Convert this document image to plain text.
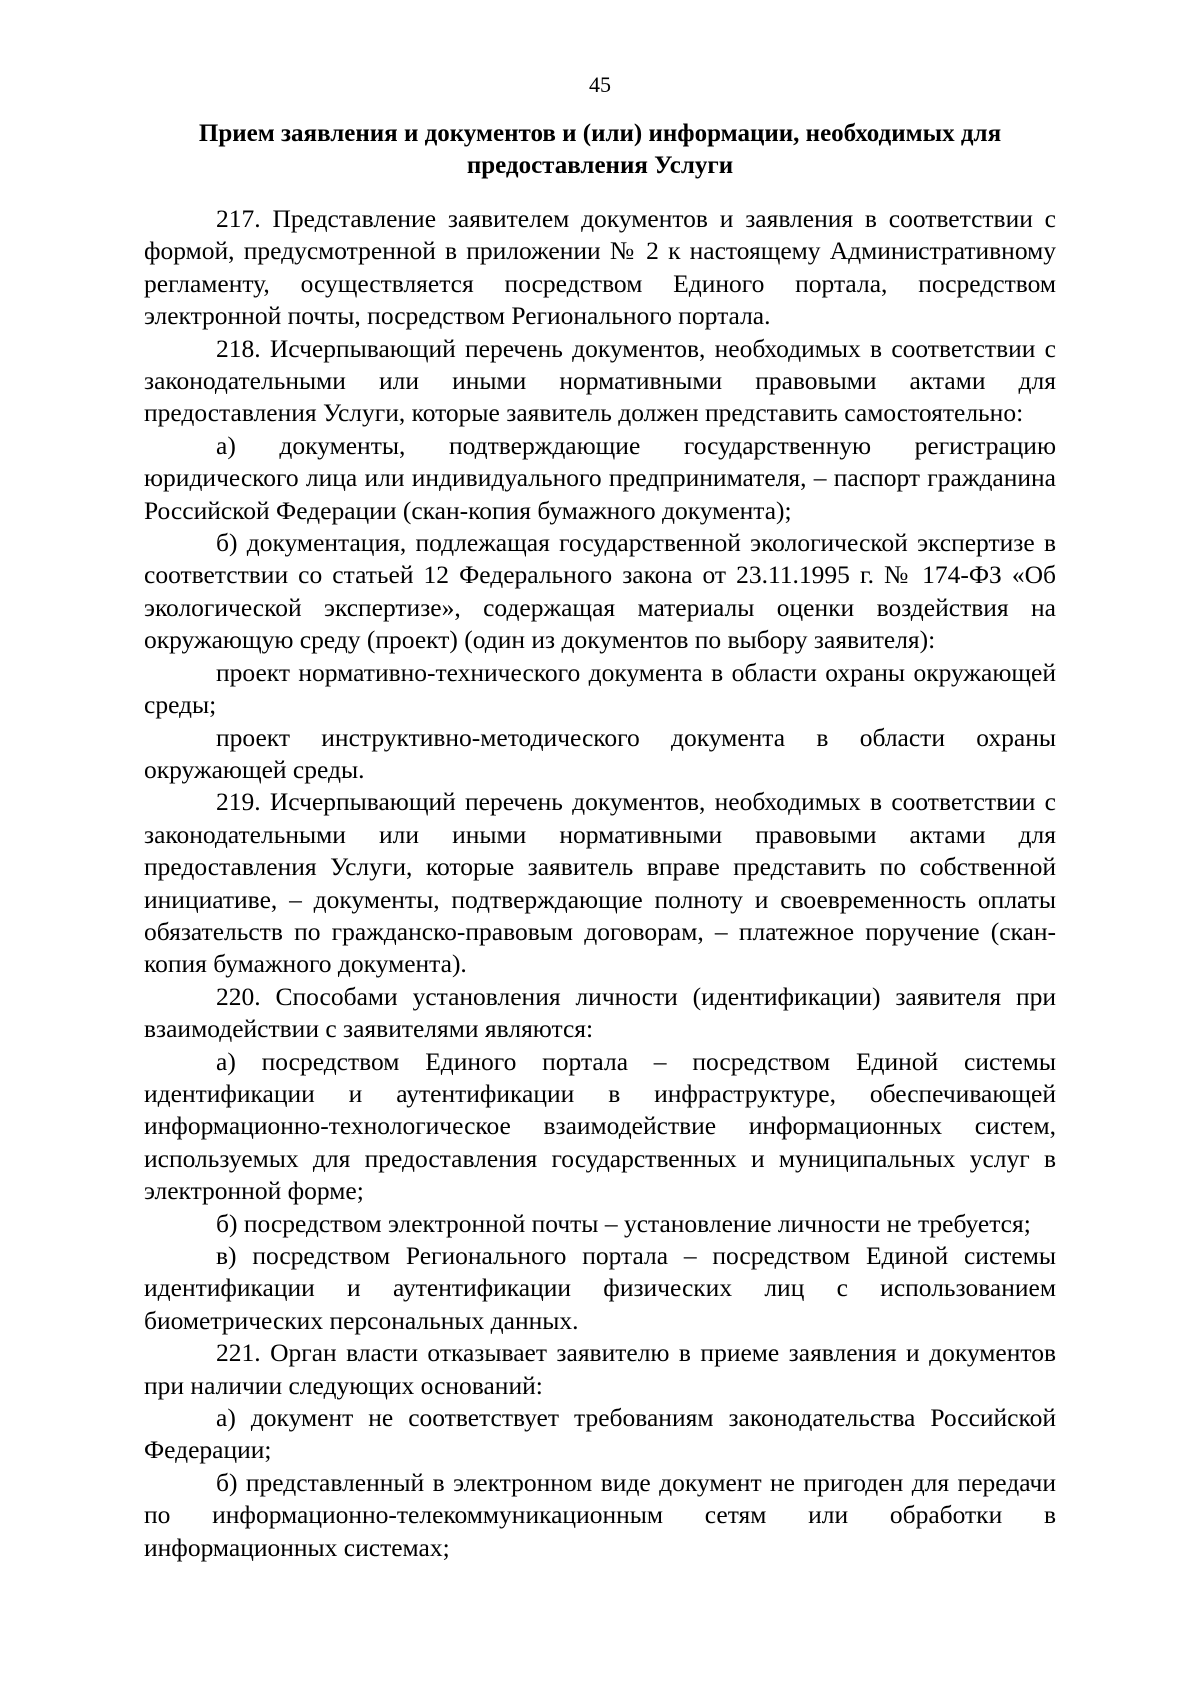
45
Прием заявления и документов и (или) информации, необходимых для предоставления Услуги

217. Представление заявителем документов и заявления в соответствии с формой, предусмотренной в приложении № 2 к настоящему Административному регламенту, осуществляется посредством Единого портала, посредством электронной почты, посредством Регионального портала.

218. Исчерпывающий перечень документов, необходимых в соответствии с законодательными или иными нормативными правовыми актами для предоставления Услуги, которые заявитель должен представить самостоятельно:

а) документы, подтверждающие государственную регистрацию юридического лица или индивидуального предпринимателя, – паспорт гражданина Российской Федерации (скан-копия бумажного документа);

б) документация, подлежащая государственной экологической экспертизе в соответствии со статьей 12 Федерального закона от 23.11.1995 г. № 174-ФЗ «Об экологической экспертизе», содержащая материалы оценки воздействия на окружающую среду (проект) (один из документов по выбору заявителя):

проект нормативно-технического документа в области охраны окружающей среды;

проект инструктивно-методического документа в области охраны окружающей среды.

219. Исчерпывающий перечень документов, необходимых в соответствии с законодательными или иными нормативными правовыми актами для предоставления Услуги, которые заявитель вправе представить по собственной инициативе, – документы, подтверждающие полноту и своевременность оплаты обязательств по гражданско-правовым договорам, – платежное поручение (скан-копия бумажного документа).

220. Способами установления личности (идентификации) заявителя при взаимодействии с заявителями являются:

а) посредством Единого портала – посредством Единой системы идентификации и аутентификации в инфраструктуре, обеспечивающей информационно-технологическое взаимодействие информационных систем, используемых для предоставления государственных и муниципальных услуг в электронной форме;

б) посредством электронной почты – установление личности не требуется;

в) посредством Регионального портала – посредством Единой системы идентификации и аутентификации физических лиц с использованием биометрических персональных данных.

221. Орган власти отказывает заявителю в приеме заявления и документов при наличии следующих оснований:

а) документ не соответствует требованиям законодательства Российской Федерации;

б) представленный в электронном виде документ не пригоден для передачи по информационно-телекоммуникационным сетям или обработки в информационных системах;
